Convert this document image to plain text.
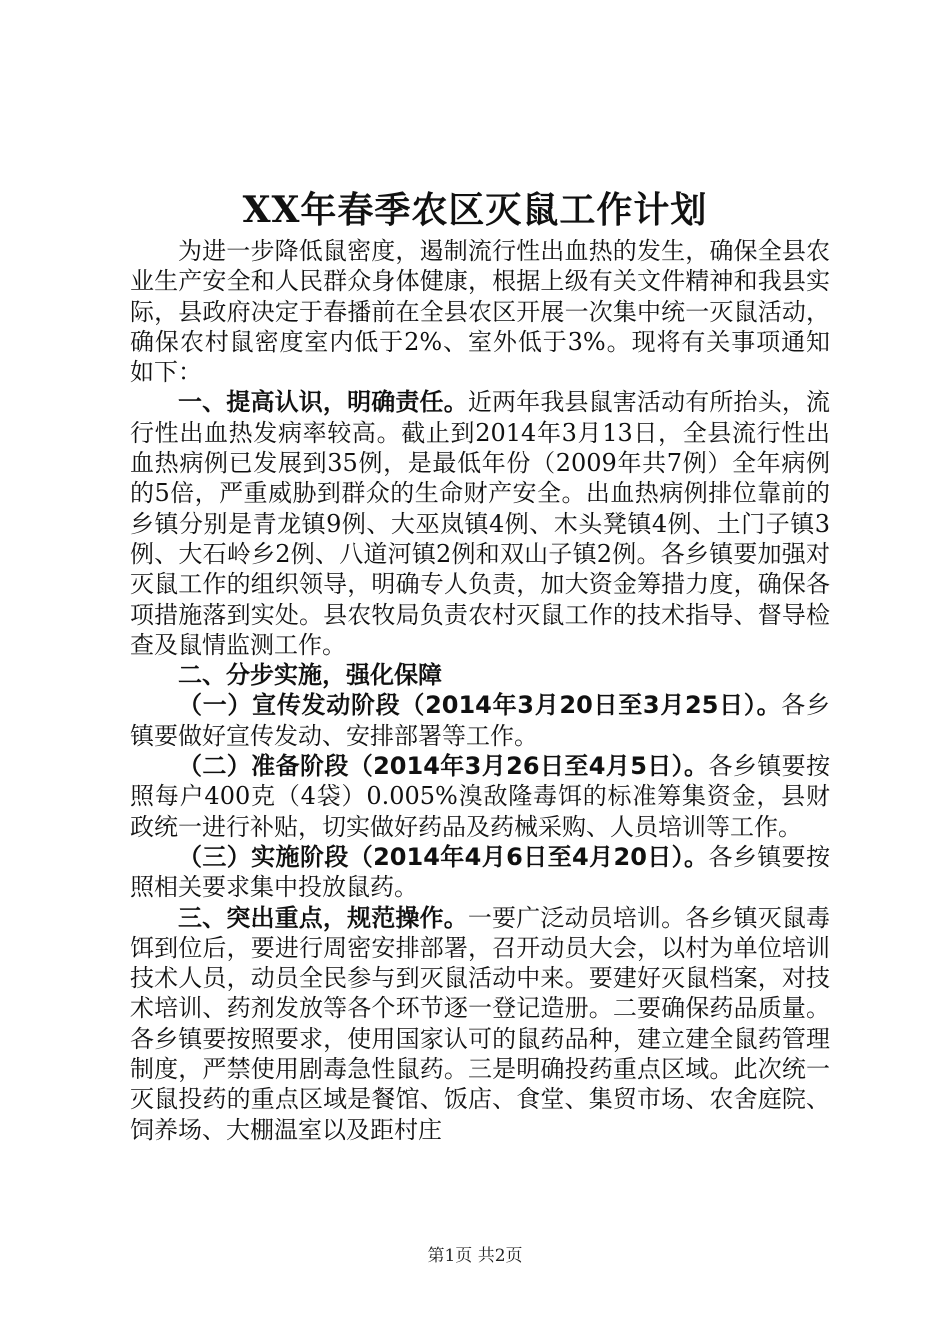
XX年春季农区灭鼠工作计划

为进一步降低鼠密度，遏制流行性出血热的发生，确保全县农业生产安全和人民群众身体健康，根据上级有关文件精神和我县实际，县政府决定于春播前在全县农区开展一次集中统一灭鼠活动，确保农村鼠密度室内低于2%、室外低于3%。现将有关事项通知如下：

一、提高认识，明确责任。近两年我县鼠害活动有所抬头，流行性出血热发病率较高。截止到2014年3月13日，全县流行性出血热病例已发展到35例，是最低年份（2009年共7例）全年病例的5倍，严重威胁到群众的生命财产安全。出血热病例排位靠前的乡镇分别是青龙镇9例、大巫岚镇4例、木头凳镇4例、土门子镇3例、大石岭乡2例、八道河镇2例和双山子镇2例。各乡镇要加强对灭鼠工作的组织领导，明确专人负责，加大资金筹措力度，确保各项措施落到实处。县农牧局负责农村灭鼠工作的技术指导、督导检查及鼠情监测工作。

二、分步实施，强化保障

（一）宣传发动阶段（2014年3月20日至3月25日）。各乡镇要做好宣传发动、安排部署等工作。

（二）准备阶段（2014年3月26日至4月5日）。各乡镇要按照每户400克（4袋）0.005%溴敌隆毒饵的标准筹集资金，县财政统一进行补贴，切实做好药品及药械采购、人员培训等工作。

（三）实施阶段（2014年4月6日至4月20日）。各乡镇要按照相关要求集中投放鼠药。

三、突出重点，规范操作。一要广泛动员培训。各乡镇灭鼠毒饵到位后，要进行周密安排部署，召开动员大会，以村为单位培训技术人员，动员全民参与到灭鼠活动中来。要建好灭鼠档案，对技术培训、药剂发放等各个环节逐一登记造册。二要确保药品质量。各乡镇要按照要求，使用国家认可的鼠药品种，建立建全鼠药管理制度，严禁使用剧毒急性鼠药。三是明确投药重点区域。此次统一灭鼠投药的重点区域是餐馆、饭店、食堂、集贸市场、农舍庭院、饲养场、大棚温室以及距村庄

第1页 共2页
